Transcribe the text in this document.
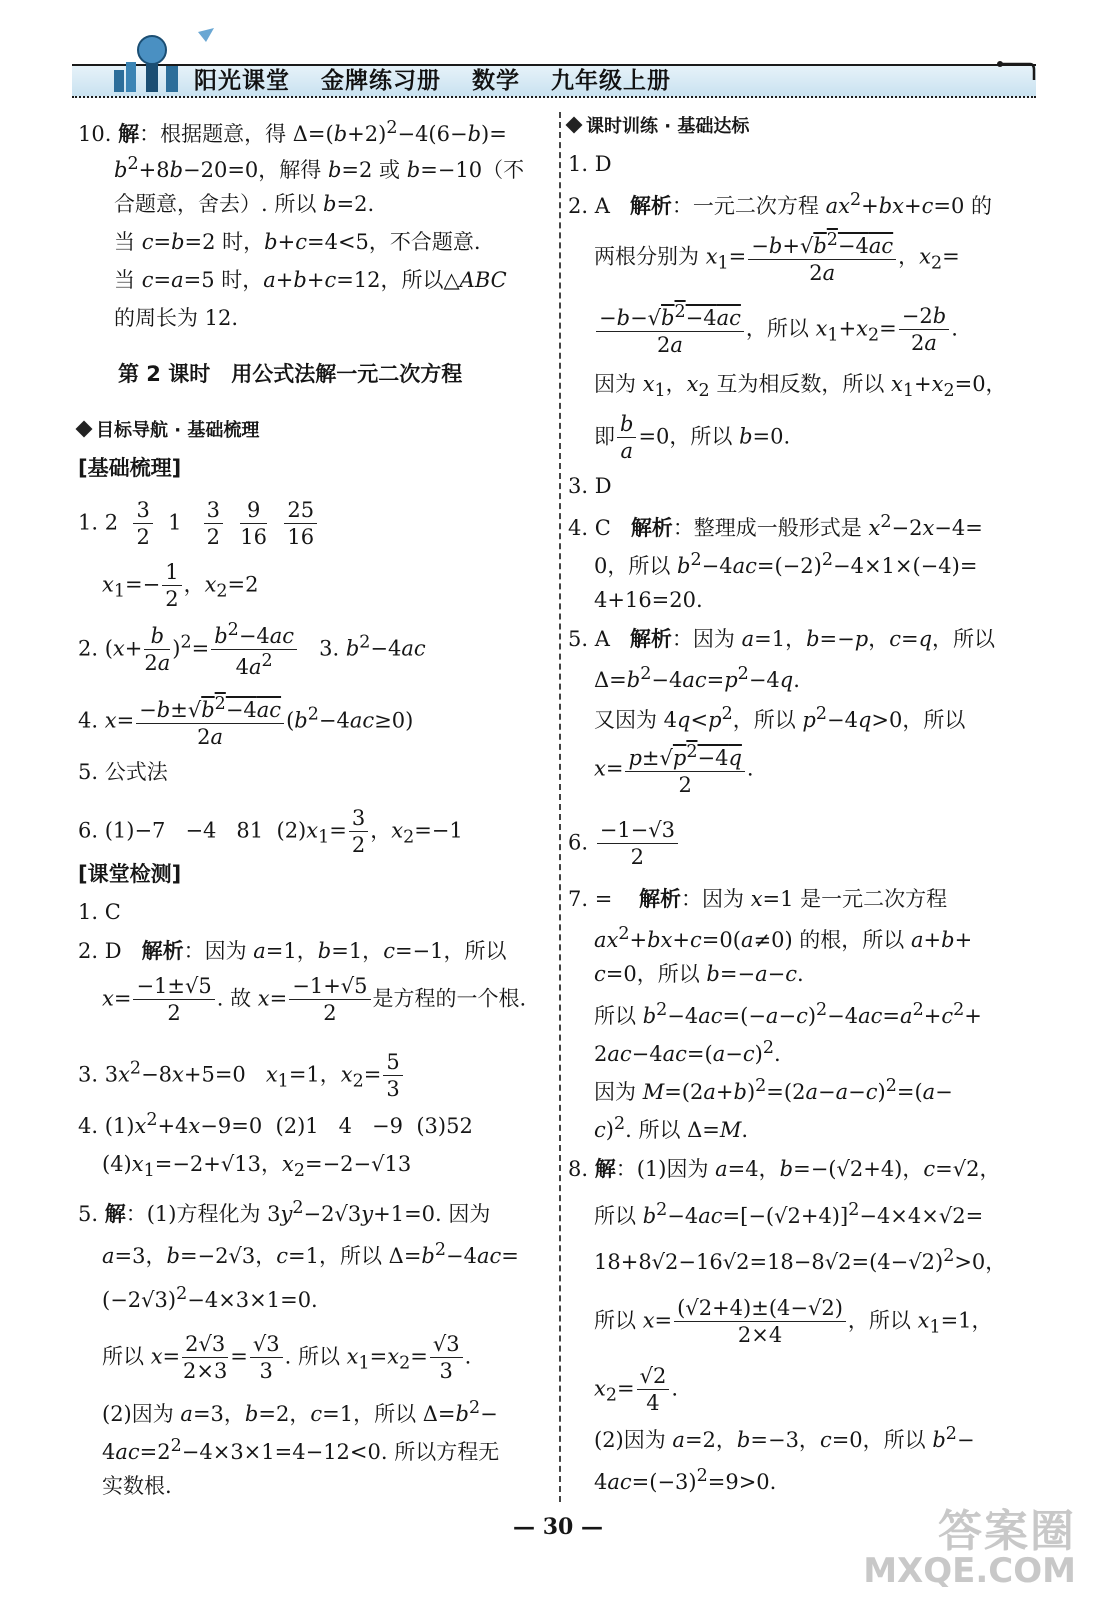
阳光课堂 金牌练习册 数学 九年级上册
10. 解：根据题意，得 $\Delta=(b+2)^2-4(6-b)=$
$b^2+8b-20=0$，解得 b=2 或 b=−10（不
合题意，舍去）. 所以 b=2.
当 c=b=2 时，b+c=4<5，不合题意.
当 c=a=5 时，a+b+c=12，所以△ABC
的周长为 12.
第 2 课时　用公式法解一元二次方程
目标导航 · 基础梳理
[基础梳理]
1. $2 \frac{3}{2} 1 \frac{3}{2}$
$\frac{9}{16}$
$\frac{25}{16}$
$x_1=- \frac{1}{2}$ ，$x_2=2$
2. $(x+ \frac{b}{2a} )^2= \frac{b^2-4ac}{4a^2} 3$. $b^2-4ac$
4. $x= \frac{-b\pm√b^2-4ac}{2a} (b^2-4ac\ge 0)$
5. 公式法
6. (1)−7   −4   81  $(2)x_1= \frac{3}{2}$ ，$x_2=-1$
[课堂检测]
1. C
2. D   解析：因为 a=1，b=1，c=−1，所以
$x= \frac{-1\pm√5}{2}$ . 故 $x= \frac{-1+√5}{2}$ 是方程的一个根.
3. $3x^2-8x+5=0$   $x_1=1$，$x_2= \frac{5}{3}$
4. $(1)x^2+4x-9=0$  (2)1   4   −9  (3)52
$(4)x_1=-2+√13$，$x_2=-2-√13$
5. 解：(1)方程化为 $3y^2-2√3y+1=0$. 因为
a=3，b=−2√3，c=1，所以 $\Delta=b^2-4ac=$
$(-2√3)^2-4\times 3\times 1=0$.
所以 $x= \frac{2√3}{2\times 3} = \frac{√3}{3}$ . 所以 $x_1=x_2= \frac{√3}{3}$ .
(2)因为 a=3，b=2，c=1，所以 $\Delta=b^2-$
$4ac=2^2-4\times 3\times 1=4-12<0$. 所以方程无
实数根.
课时训练 · 基础达标
1. D
2. A   解析：一元二次方程 $ax^2+bx+c=0$ 的
两根分别为 $x_1= \frac{-b+√b^2-4ac}{2a}$ ，$x_2=$
$\frac{-b-√b^2-4ac}{2a}$ ，所以 $x_1+x_2= \frac{-2b}{2a}$ .
因为 $x_1$，$x_2$ 互为相反数，所以 $x_1+x_2=0$，
即 $\frac{b}{a} =0$，所以 b=0.
3. D
4. C   解析：整理成一般形式是 $x^2-2x-4=$
0，所以 $b^2-4ac=(-2)^2-4\times 1\times(-4)=$
4+16=20.
5. A   解析：因为 a=1，b=−p，c=q，所以
$\Delta=b^2-4ac=p^2-4q$.
又因为 $4q<p^2$，所以 $p^2-4q>0$，所以
$x= \frac{p\pm√p^2-4q}{2}$ .
6. $\frac{-1-√3}{2}$
7. =    解析：因为 x=1 是一元二次方程
$ax^2+bx+c=0(a\ne 0)$ 的根，所以 a+b+
c=0，所以 b=−a−c.
所以 $b^2-4ac=(-a-c)^2-4ac=a^2+c^2+$
$2ac-4ac=(a-c)^2$.
因为 $M=(2a+b)^2=(2a-a-c)^2=(a-$
c)$^2$. 所以 Δ=M.
8. 解：(1)因为 a=4，b=−(√2+4)，c=√2，
所以 $b^2-4ac=[-(√2+4)]^2-4\times 4\times√2=$
$18+8√2-16√2=18-8√2=(4-√2)^2>0$，
所以 $x= \frac{(√2+4)\pm(4-√2)}{2\times 4}$ ，所以 $x_1=1$，
$x_2= \frac{√2}{4}$ .
(2)因为 a=2，b=−3，c=0，所以 $b^2-$
$4ac=(-3)^2=9>0$.
— 30 —	答案圈
MXQE.COM
